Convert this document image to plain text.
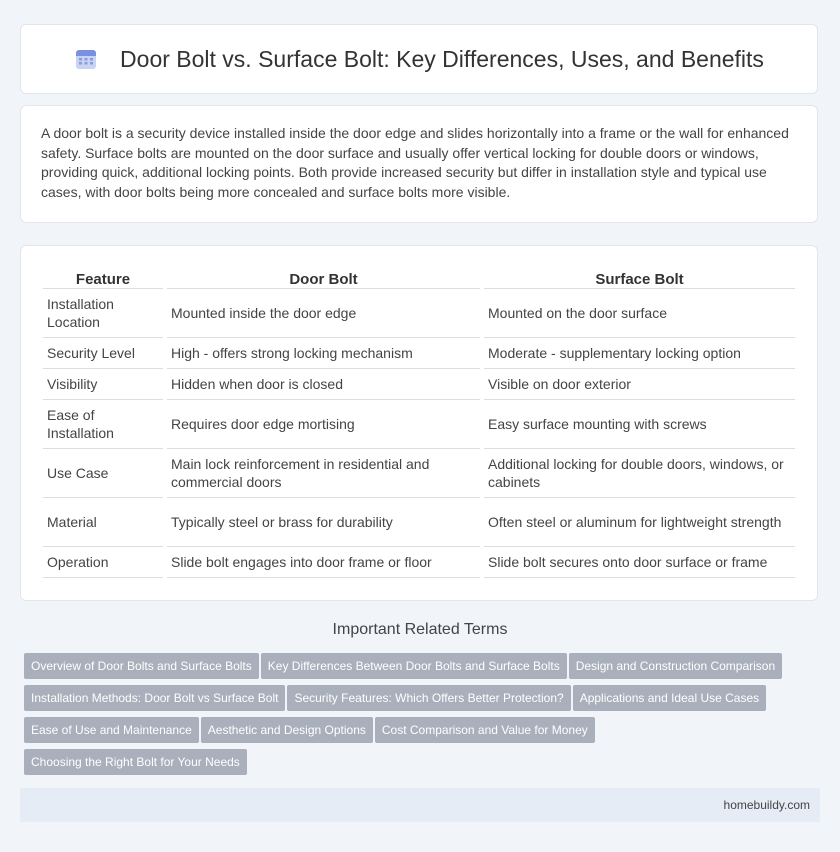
Door Bolt vs. Surface Bolt: Key Differences, Uses, and Benefits

A door bolt is a security device installed inside the door edge and slides horizontally into a frame or the wall for enhanced safety. Surface bolts are mounted on the door surface and usually offer vertical locking for double doors or windows, providing quick, additional locking points. Both provide increased security but differ in installation style and typical use cases, with door bolts being more concealed and surface bolts more visible.

Feature	Door Bolt	Surface Bolt
Installation Location	Mounted inside the door edge	Mounted on the door surface
Security Level	High - offers strong locking mechanism	Moderate - supplementary locking option
Visibility	Hidden when door is closed	Visible on door exterior
Ease of Installation	Requires door edge mortising	Easy surface mounting with screws
Use Case	Main lock reinforcement in residential and commercial doors	Additional locking for double doors, windows, or cabinets
Material	Typically steel or brass for durability	Often steel or aluminum for lightweight strength
Operation	Slide bolt engages into door frame or floor	Slide bolt secures onto door surface or frame
Important Related Terms
Overview of Door Bolts and Surface Bolts Key Differences Between Door Bolts and Surface Bolts Design and Construction Comparison
Installation Methods: Door Bolt vs Surface Bolt Security Features: Which Offers Better Protection? Applications and Ideal Use Cases
Ease of Use and Maintenance Aesthetic and Design Options Cost Comparison and Value for Money
Choosing the Right Bolt for Your Needs
homebuildy.com
